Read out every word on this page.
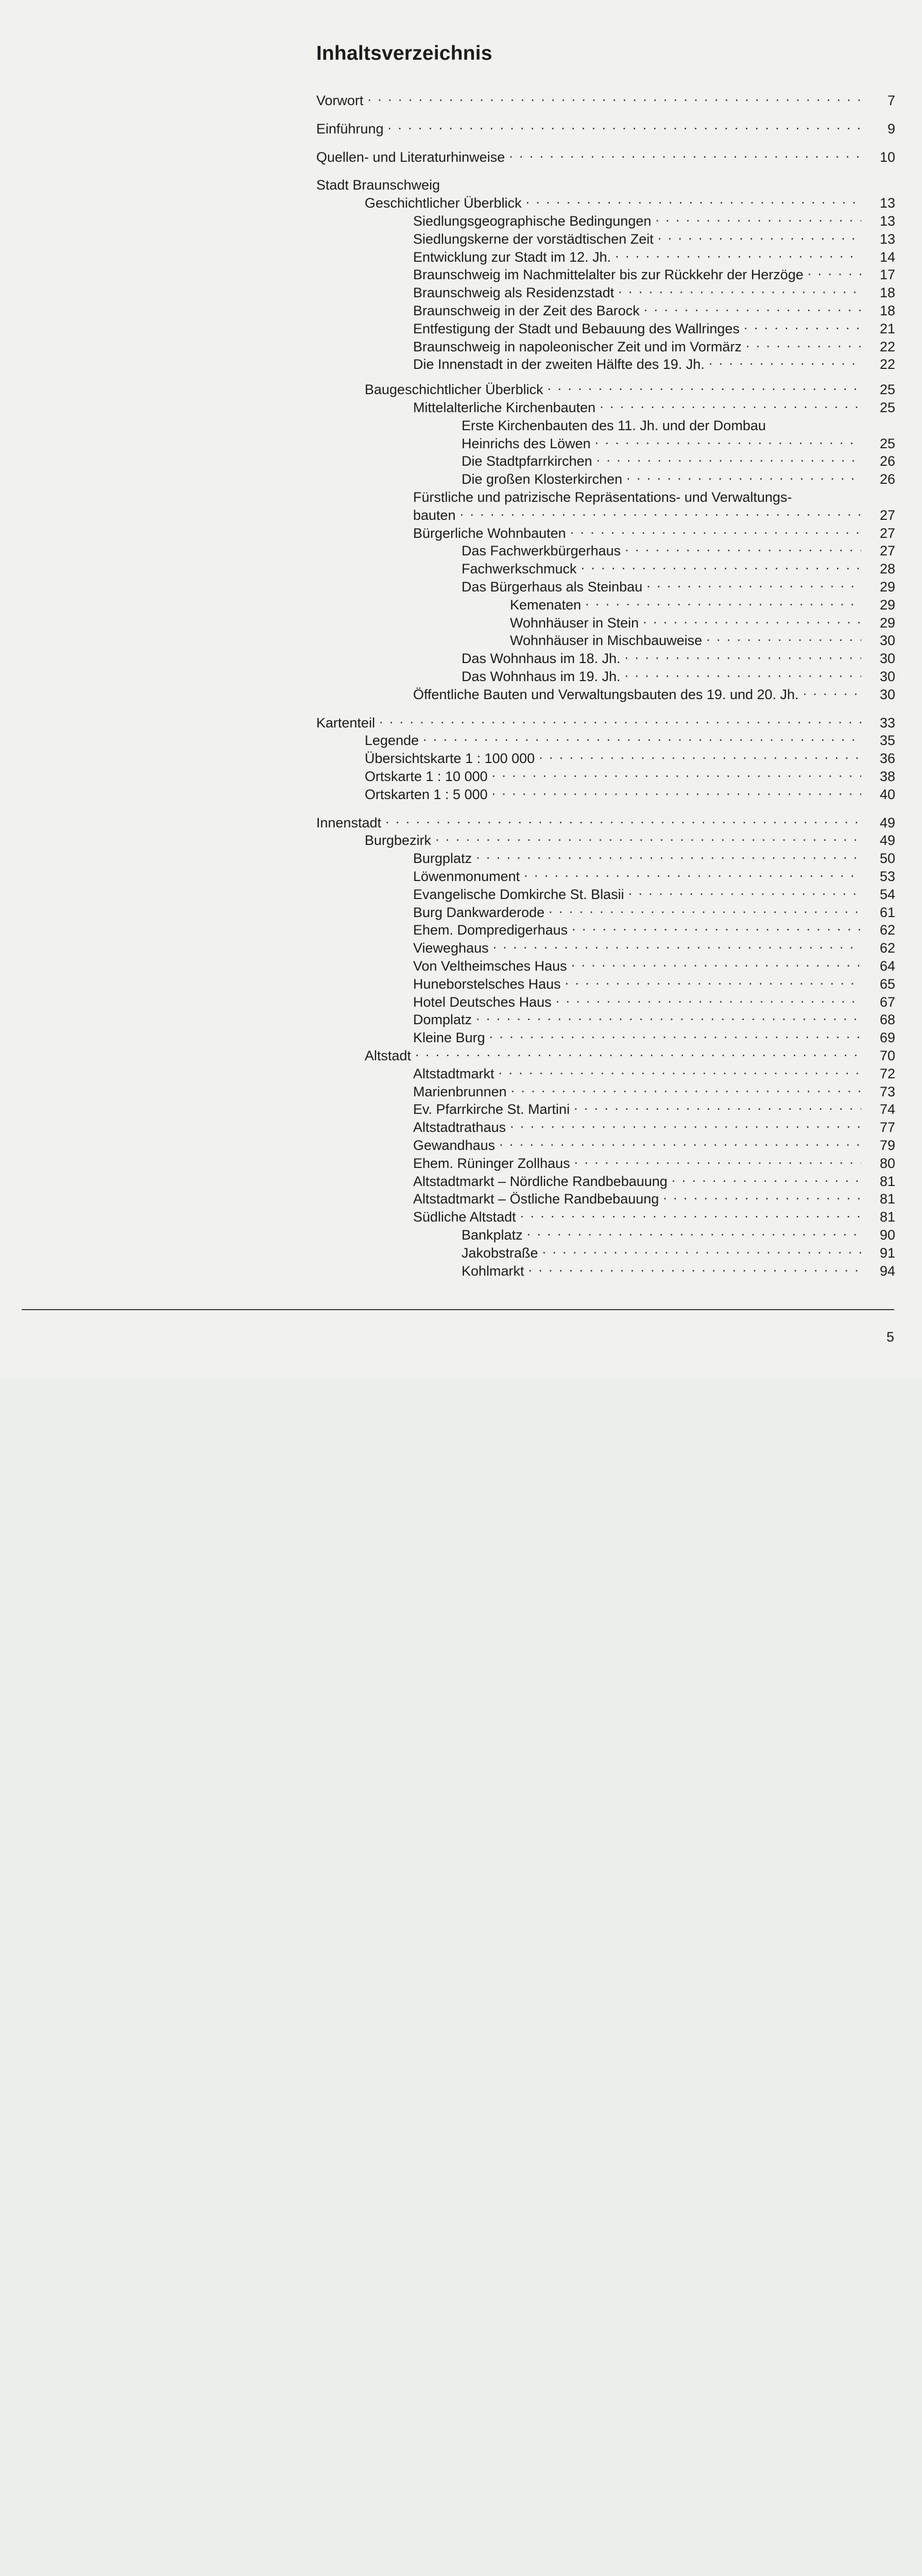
Inhaltsverzeichnis
Vorwort . . .	7
Einführung . . .	9
Quellen- und Literaturhinweise . . .	10
Stadt Braunschweig
Geschichtlicher Überblick . . .	13
Siedlungsgeographische Bedingungen . . .	13
Siedlungskerne der vorstädtischen Zeit . . .	13
Entwicklung zur Stadt im 12. Jh. . . .	14
Braunschweig im Nachmittelalter bis zur Rückkehr der Herzöge . . .	17
Braunschweig als Residenzstadt . . .	18
Braunschweig in der Zeit des Barock . . .	18
Entfestigung der Stadt und Bebauung des Wallringes . . .	21
Braunschweig in napoleonischer Zeit und im Vormärz . . .	22
Die Innenstadt in der zweiten Hälfte des 19. Jh. . . .	22
Baugeschichtlicher Überblick . . .	25
Mittelalterliche Kirchenbauten . . .	25
Erste Kirchenbauten des 11. Jh. und der Dombau
Heinrichs des Löwen . . .	25
Die Stadtpfarrkirchen . . .	26
Die großen Klosterkirchen . . .	26
Fürstliche und patrizische Repräsentations- und Verwaltungs-
bauten . . .	27
Bürgerliche Wohnbauten . . .	27
Das Fachwerkbürgerhaus . . .	27
Fachwerkschmuck . . .	28
Das Bürgerhaus als Steinbau . . .	29
Kemenaten . . .	29
Wohnhäuser in Stein . . .	29
Wohnhäuser in Mischbauweise . . .	30
Das Wohnhaus im 18. Jh. . . .	30
Das Wohnhaus im 19. Jh. . . .	30
Öffentliche Bauten und Verwaltungsbauten des 19. und 20. Jh. . . .	30
Kartenteil . . .	33
Legende . . .	35
Übersichtskarte 1 : 100 000 . . .	36
Ortskarte 1 : 10 000 . . .	38
Ortskarten 1 : 5 000 . . .	40
Innenstadt . . .	49
Burgbezirk . . .	49
Burgplatz . . .	50
Löwenmonument . . .	53
Evangelische Domkirche St. Blasii . . .	54
Burg Dankwarderode . . .	61
Ehem. Dompredigerhaus . . .	62
Vieweghaus . . .	62
Von Veltheimsches Haus . . .	64
Huneborstelsches Haus . . .	65
Hotel Deutsches Haus . . .	67
Domplatz . . .	68
Kleine Burg . . .	69
Altstadt . . .	70
Altstadtmarkt . . .	72
Marienbrunnen . . .	73
Ev. Pfarrkirche St. Martini . . .	74
Altstadtrathaus . . .	77
Gewandhaus . . .	79
Ehem. Rüninger Zollhaus . . .	80
Altstadtmarkt – Nördliche Randbebauung . . .	81
Altstadtmarkt – Östliche Randbebauung . . .	81
Südliche Altstadt . . .	81
Bankplatz . . .	90
Jakobstraße . . .	91
Kohlmarkt . . .	94
5
